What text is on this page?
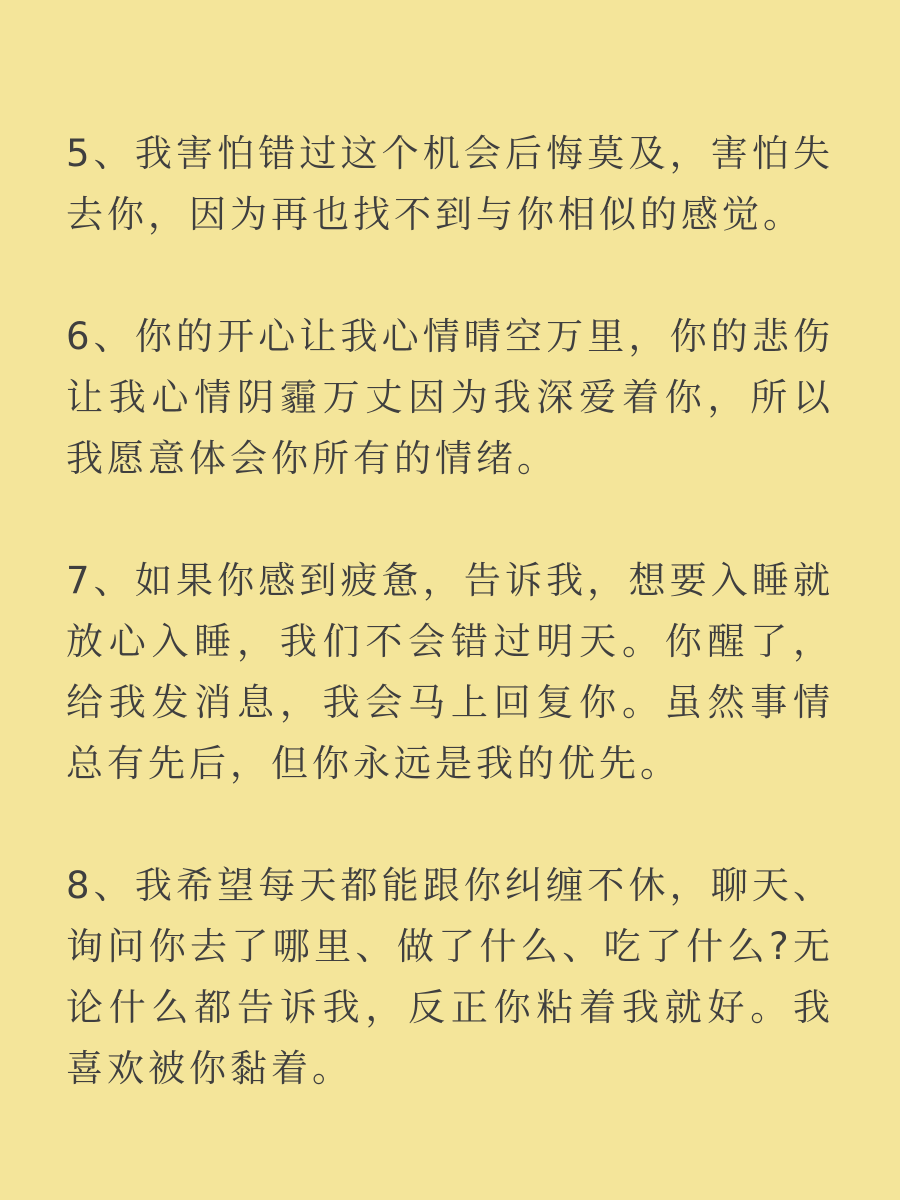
5、我害怕错过这个机会后悔莫及，害怕失去你，因为再也找不到与你相似的感觉。

6、你的开心让我心情晴空万里，你的悲伤让我心情阴霾万丈因为我深爱着你，所以我愿意体会你所有的情绪。

7、如果你感到疲惫，告诉我，想要入睡就放心入睡，我们不会错过明天。你醒了，给我发消息，我会马上回复你。虽然事情总有先后，但你永远是我的优先。

8、我希望每天都能跟你纠缠不休，聊天、询问你去了哪里、做了什么、吃了什么?无论什么都告诉我，反正你粘着我就好。我喜欢被你黏着。
